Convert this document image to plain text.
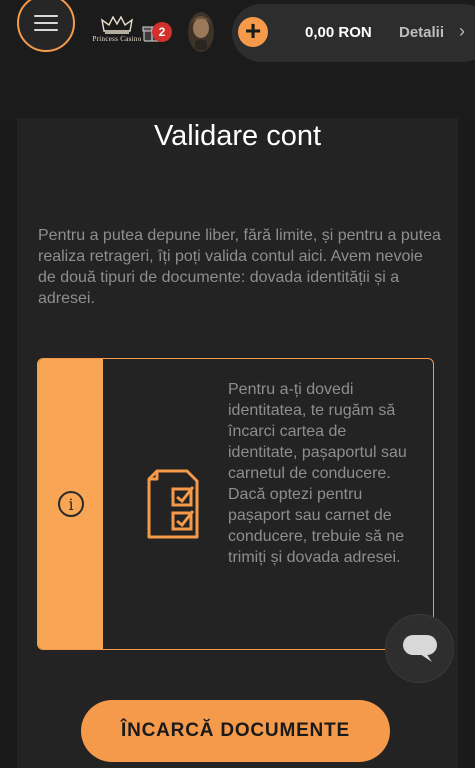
Princess Casino	2	+	0,00 RON Detalii ›
Validare cont
Pentru a putea depune liber, fără limite, și pentru a putea realiza retrageri, îți poți valida contul aici. Avem nevoie de două tipuri de documente: dovada identității și a adresei.
i
Pentru a-ți dovedi identitatea, te rugăm să încarci cartea de identitate, pașaportul sau carnetul de conducere. Dacă optezi pentru pașaport sau carnet de conducere, trebuie să ne trimiți și dovada adresei.
ÎNCARCĂ DOCUMENTE
